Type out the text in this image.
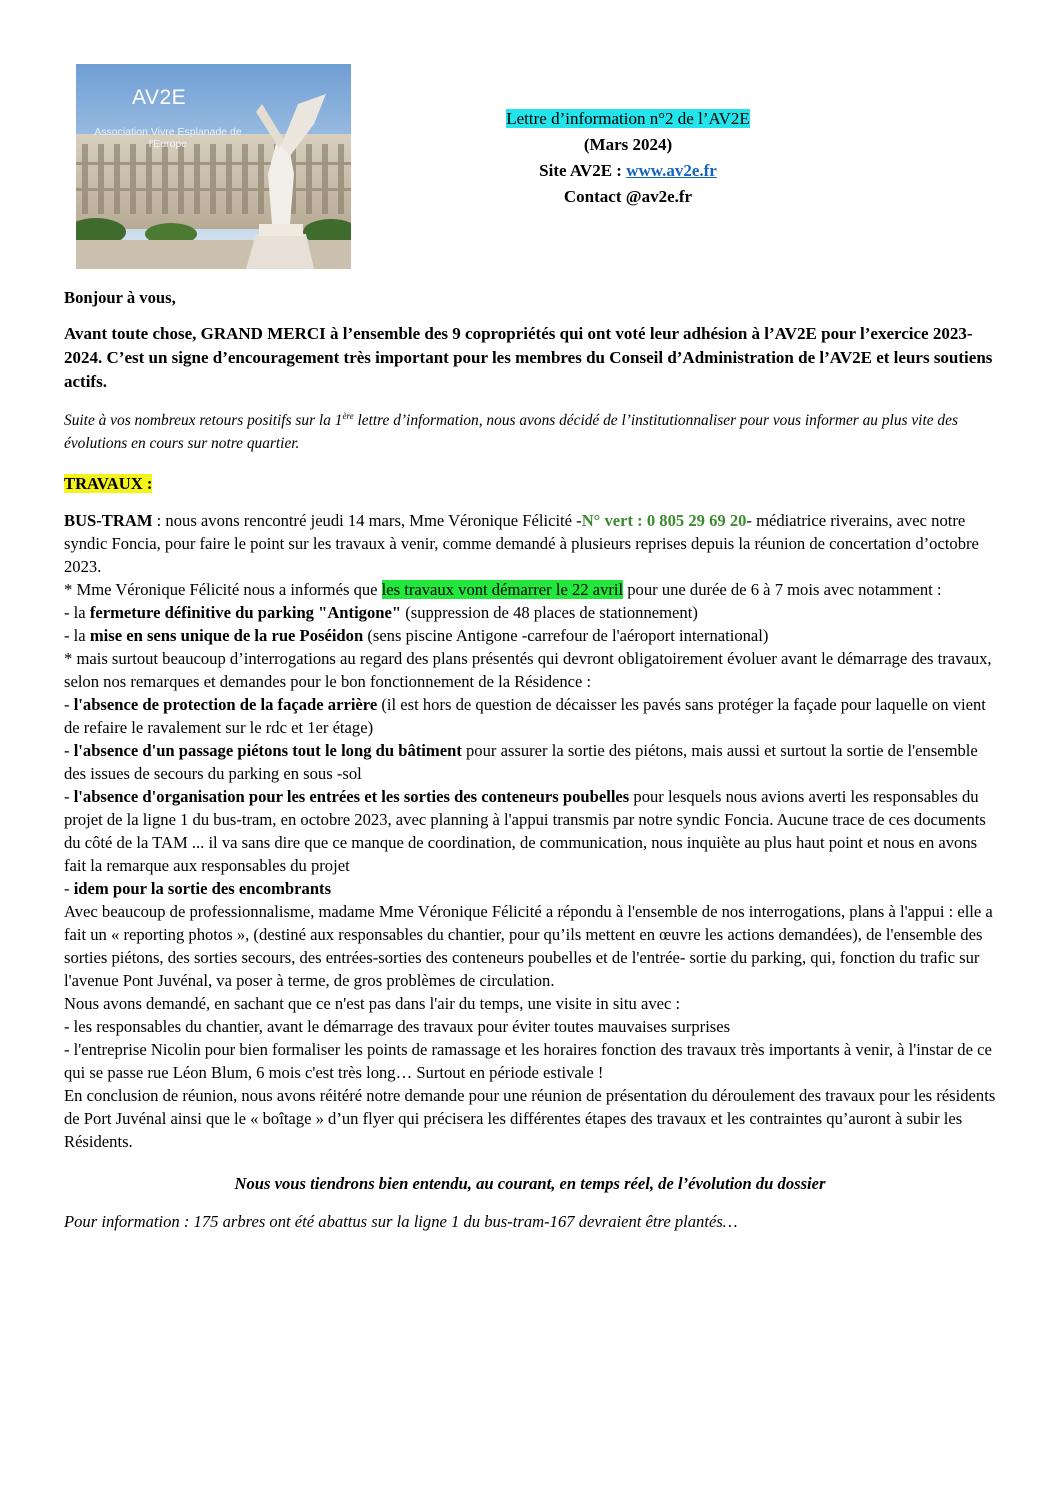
AV2E
Association Vivre Esplanade de l'Europe
Lettre d’information n°2 de l’AV2E
(Mars 2024)
Site AV2E : www.av2e.fr
Contact @av2e.fr

Bonjour à vous,

Avant toute chose, GRAND MERCI à l’ensemble des 9 copropriétés qui ont voté leur adhésion à l’AV2E pour l’exercice 2023-2024. C’est un signe d’encouragement très important pour les membres du Conseil d’Administration de l’AV2E et leurs soutiens actifs.

Suite à vos nombreux retours positifs sur la 1ère lettre d’information, nous avons décidé de l’institutionnaliser pour vous informer au plus vite des évolutions en cours sur notre quartier.

TRAVAUX :

BUS-TRAM : nous avons rencontré jeudi 14 mars, Mme Véronique Félicité -N° vert : 0 805 29 69 20- médiatrice riverains, avec notre syndic Foncia, pour faire le point sur les travaux à venir, comme demandé à plusieurs reprises depuis la réunion de concertation d’octobre 2023.

* Mme Véronique Félicité nous a informés que les travaux vont démarrer le 22 avril pour une durée de 6 à 7 mois avec notamment :

- la fermeture définitive du parking "Antigone" (suppression de 48 places de stationnement)

- la mise en sens unique de la rue Poséidon (sens piscine Antigone -carrefour de l'aéroport international)

* mais surtout beaucoup d’interrogations au regard des plans présentés qui devront obligatoirement évoluer avant le démarrage des travaux, selon nos remarques et demandes pour le bon fonctionnement de la Résidence :

- l'absence de protection de la façade arrière (il est hors de question de décaisser les pavés sans protéger la façade pour laquelle on vient de refaire le ravalement sur le rdc et 1er étage)

- l'absence d'un passage piétons tout le long du bâtiment pour assurer la sortie des piétons, mais aussi et surtout la sortie de l'ensemble des issues de secours du parking en sous -sol

- l'absence d'organisation pour les entrées et les sorties des conteneurs poubelles pour lesquels nous avions averti les responsables du projet de la ligne 1 du bus-tram, en octobre 2023, avec planning à l'appui transmis par notre syndic Foncia. Aucune trace de ces documents du côté de la TAM ... il va sans dire que ce manque de coordination, de communication, nous inquiète au plus haut point et nous en avons fait la remarque aux responsables du projet

- idem pour la sortie des encombrants

Avec beaucoup de professionnalisme, madame Mme Véronique Félicité a répondu à l'ensemble de nos interrogations, plans à l'appui : elle a fait un « reporting photos », (destiné aux responsables du chantier, pour qu’ils mettent en œuvre les actions demandées), de l'ensemble des sorties piétons, des sorties secours, des entrées-sorties des conteneurs poubelles et de l'entrée- sortie du parking, qui, fonction du trafic sur l'avenue Pont Juvénal, va poser à terme, de gros problèmes de circulation.

Nous avons demandé, en sachant que ce n'est pas dans l'air du temps, une visite in situ avec :

- les responsables du chantier, avant le démarrage des travaux pour éviter toutes mauvaises surprises

- l'entreprise Nicolin pour bien formaliser les points de ramassage et les horaires fonction des travaux très importants à venir, à l'instar de ce qui se passe rue Léon Blum, 6 mois c'est très long… Surtout en période estivale !

En conclusion de réunion, nous avons réitéré notre demande pour une réunion de présentation du déroulement des travaux pour les résidents de Port Juvénal ainsi que le « boîtage » d’un flyer qui précisera les différentes étapes des travaux et les contraintes qu’auront à subir les Résidents.

Nous vous tiendrons bien entendu, au courant, en temps réel, de l’évolution du dossier

Pour information : 175 arbres ont été abattus sur la ligne 1 du bus-tram-167 devraient être plantés…
